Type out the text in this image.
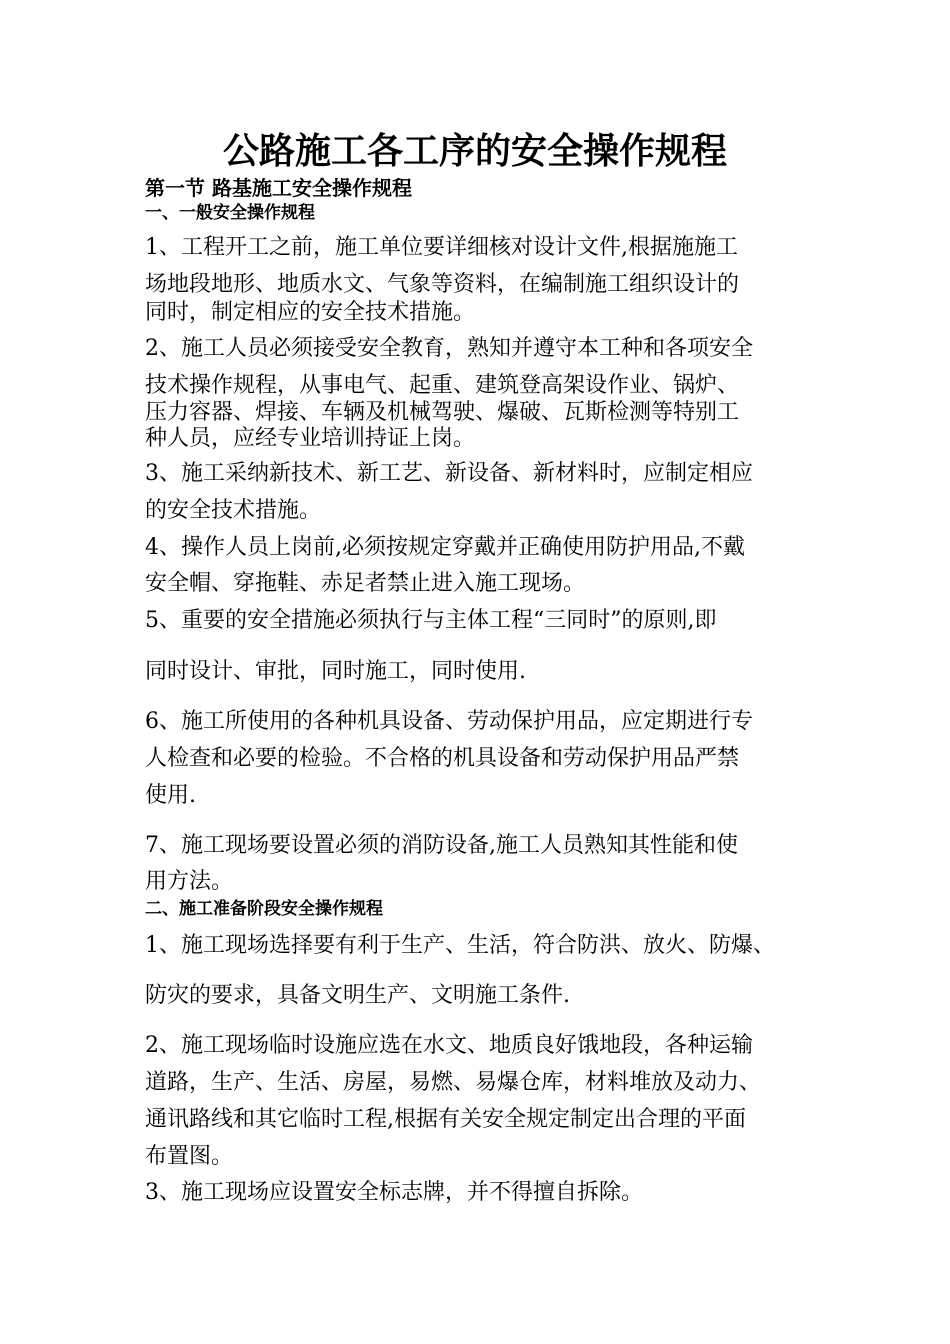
公路施工各工序的安全操作规程
第一节 路基施工安全操作规程
一、一般安全操作规程
1、工程开工之前，施工单位要详细核对设计文件,根据施施工
场地段地形、地质水文、气象等资料，在编制施工组织设计的
同时，制定相应的安全技术措施。
2、施工人员必须接受安全教育，熟知并遵守本工种和各项安全
技术操作规程，从事电气、起重、建筑登高架设作业、锅炉、
压力容器、焊接、车辆及机械驾驶、爆破、瓦斯检测等特别工
种人员，应经专业培训持证上岗。
3、施工采纳新技术、新工艺、新设备、新材料时，应制定相应
的安全技术措施。
4、操作人员上岗前,必须按规定穿戴并正确使用防护用品,不戴
安全帽、穿拖鞋、赤足者禁止进入施工现场。
5、重要的安全措施必须执行与主体工程“三同时”的原则,即
同时设计、审批，同时施工，同时使用.
6、施工所使用的各种机具设备、劳动保护用品，应定期进行专
人检查和必要的检验。不合格的机具设备和劳动保护用品严禁
使用.
7、施工现场要设置必须的消防设备,施工人员熟知其性能和使
用方法。
二、施工准备阶段安全操作规程
1、施工现场选择要有利于生产、生活，符合防洪、放火、防爆、
防灾的要求，具备文明生产、文明施工条件.
2、施工现场临时设施应选在水文、地质良好饿地段，各种运输
道路，生产、生活、房屋，易燃、易爆仓库，材料堆放及动力、
通讯路线和其它临时工程,根据有关安全规定制定出合理的平面
布置图。
3、施工现场应设置安全标志牌，并不得擅自拆除。
